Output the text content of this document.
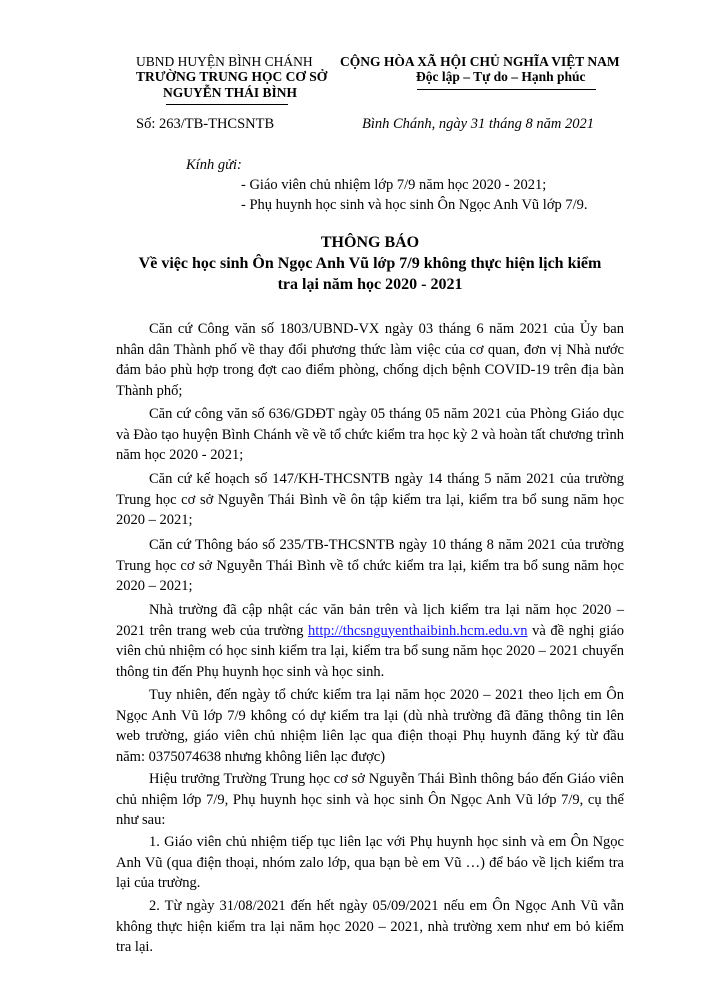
UBND HUYỆN BÌNH CHÁNH
TRƯỜNG TRUNG HỌC CƠ SỞ
NGUYỄN THÁI BÌNH
CỘNG HÒA XÃ HỘI CHỦ NGHĨA VIỆT NAM
Độc lập – Tự do – Hạnh phúc
Số: 263/TB-THCSNTB	Bình Chánh, ngày 31 tháng 8 năm 2021
Kính gửi:
- Giáo viên chủ nhiệm lớp 7/9 năm học 2020 - 2021;
- Phụ huynh học sinh và học sinh Ôn Ngọc Anh Vũ lớp 7/9.
THÔNG BÁO
Về việc học sinh Ôn Ngọc Anh Vũ lớp 7/9 không thực hiện lịch kiểm
tra lại năm học 2020 - 2021
Căn cứ Công văn số 1803/UBND-VX ngày 03 tháng 6 năm 2021 của Ủy ban nhân dân Thành phố về thay đổi phương thức làm việc của cơ quan, đơn vị Nhà nước đảm bảo phù hợp trong đợt cao điểm phòng, chống dịch bệnh COVID-19 trên địa bàn Thành phố;
Căn cứ công văn số 636/GDĐT ngày 05 tháng 05 năm 2021 của Phòng Giáo dục và Đào tạo huyện Bình Chánh về về tổ chức kiểm tra học kỳ 2 và hoàn tất chương trình năm học 2020 - 2021;
Căn cứ kế hoạch số 147/KH-THCSNTB ngày 14 tháng 5 năm 2021 của trường Trung học cơ sở Nguyễn Thái Bình về ôn tập kiểm tra lại, kiểm tra bổ sung năm học 2020 – 2021;
Căn cứ Thông báo số 235/TB-THCSNTB ngày 10 tháng 8 năm 2021 của trường Trung học cơ sở Nguyễn Thái Bình về tổ chức kiểm tra lại, kiểm tra bổ sung năm học 2020 – 2021;
Nhà trường đã cập nhật các văn bản trên và lịch kiểm tra lại năm học 2020 – 2021 trên trang web của trường http://thcsnguyenthaibinh.hcm.edu.vn và đề nghị giáo viên chủ nhiệm có học sinh kiểm tra lại, kiểm tra bổ sung năm học 2020 – 2021 chuyển thông tin đến Phụ huynh học sinh và học sinh.
Tuy nhiên, đến ngày tổ chức kiểm tra lại năm học 2020 – 2021 theo lịch em Ôn Ngọc Anh Vũ lớp 7/9 không có dự kiểm tra lại (dù nhà trường đã đăng thông tin lên web trường, giáo viên chủ nhiệm liên lạc qua điện thoại Phụ huynh đăng ký từ đầu năm: 0375074638 nhưng không liên lạc được)
Hiệu trưởng Trường Trung học cơ sở Nguyễn Thái Bình thông báo đến Giáo viên chủ nhiệm lớp 7/9, Phụ huynh học sinh và học sinh Ôn Ngọc Anh Vũ lớp 7/9, cụ thể như sau:
1. Giáo viên chủ nhiệm tiếp tục liên lạc với Phụ huynh học sinh và em Ôn Ngọc Anh Vũ (qua điện thoại, nhóm zalo lớp, qua bạn bè em Vũ …) để báo về lịch kiểm tra lại của trường.
2. Từ ngày 31/08/2021 đến hết ngày 05/09/2021 nếu em Ôn Ngọc Anh Vũ vẫn không thực hiện kiểm tra lại năm học 2020 – 2021, nhà trường xem như em bỏ kiểm tra lại.
